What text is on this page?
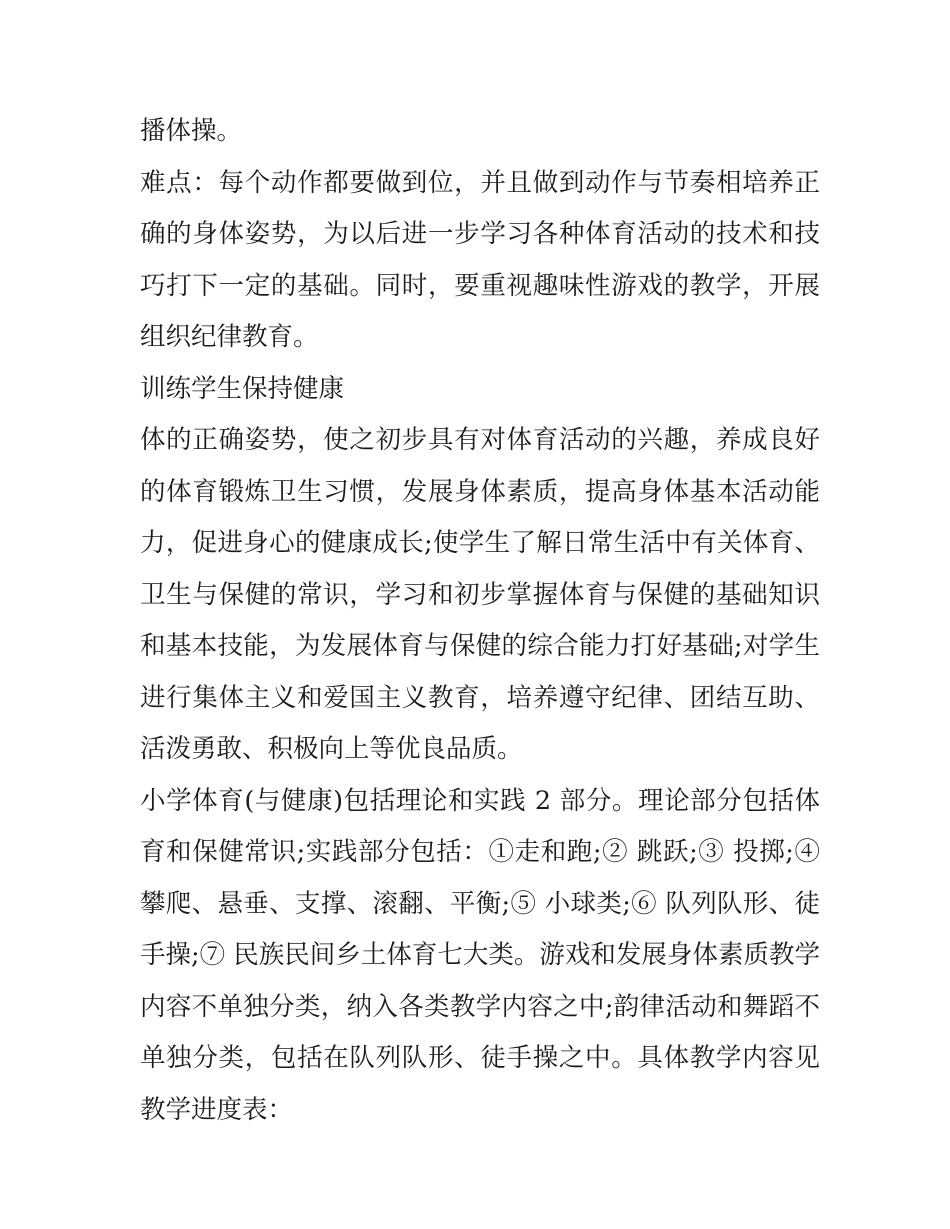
播体操。

难点：每个动作都要做到位，并且做到动作与节奏相培养正确的身体姿势，为以后进一步学习各种体育活动的技术和技巧打下一定的基础。同时，要重视趣味性游戏的教学，开展组织纪律教育。

训练学生保持健康

体的正确姿势，使之初步具有对体育活动的兴趣，养成良好的体育锻炼卫生习惯，发展身体素质，提高身体基本活动能力，促进身心的健康成长;使学生了解日常生活中有关体育、卫生与保健的常识，学习和初步掌握体育与保健的基础知识和基本技能，为发展体育与保健的综合能力打好基础;对学生进行集体主义和爱国主义教育，培养遵守纪律、团结互助、活泼勇敢、积极向上等优良品质。

小学体育(与健康)包括理论和实践 2 部分。理论部分包括体育和保健常识;实践部分包括：①走和跑;② 跳跃;③ 投掷;④ 攀爬、悬垂、支撑、滚翻、平衡;⑤ 小球类;⑥ 队列队形、徒手操;⑦ 民族民间乡土体育七大类。游戏和发展身体素质教学内容不单独分类，纳入各类教学内容之中;韵律活动和舞蹈不单独分类，包括在队列队形、徒手操之中。具体教学内容见教学进度表：
